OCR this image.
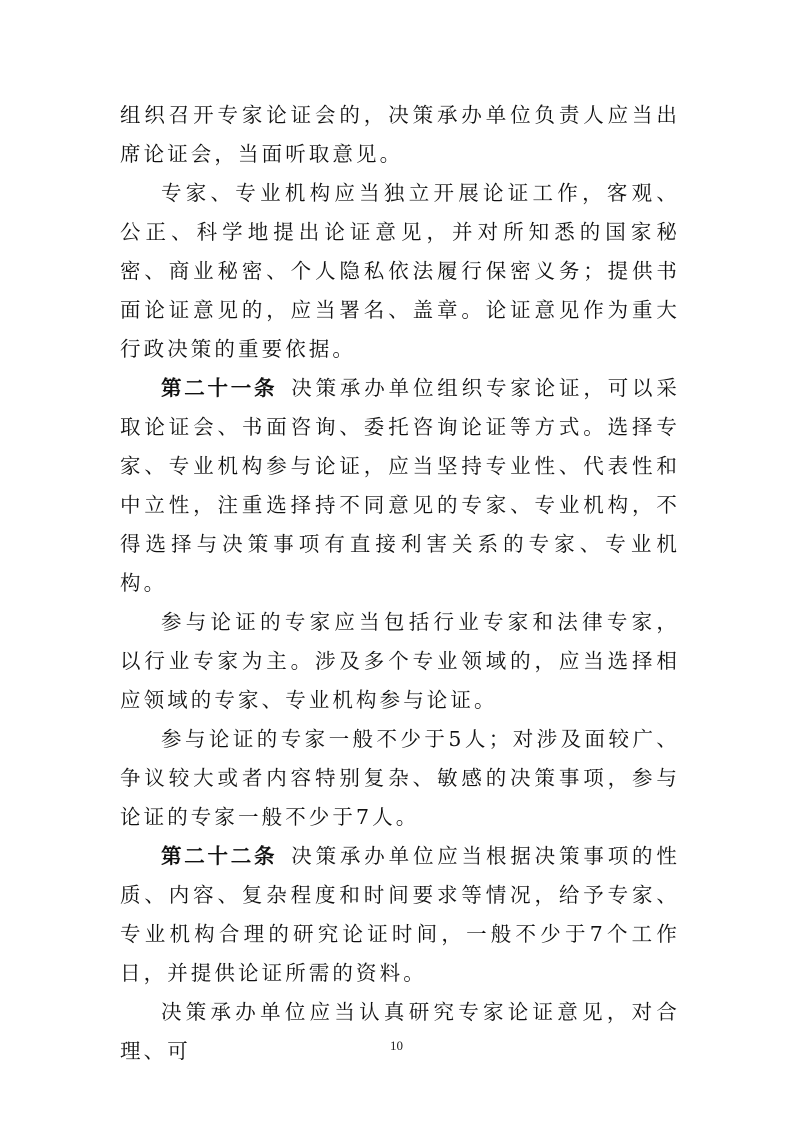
组织召开专家论证会的，决策承办单位负责人应当出席论证会，当面听取意见。

专家、专业机构应当独立开展论证工作，客观、公正、科学地提出论证意见，并对所知悉的国家秘密、商业秘密、个人隐私依法履行保密义务；提供书面论证意见的，应当署名、盖章。论证意见作为重大行政决策的重要依据。

第二十一条 决策承办单位组织专家论证，可以采取论证会、书面咨询、委托咨询论证等方式。选择专家、专业机构参与论证，应当坚持专业性、代表性和中立性，注重选择持不同意见的专家、专业机构，不得选择与决策事项有直接利害关系的专家、专业机构。

参与论证的专家应当包括行业专家和法律专家，以行业专家为主。涉及多个专业领域的，应当选择相应领域的专家、专业机构参与论证。

参与论证的专家一般不少于5人；对涉及面较广、争议较大或者内容特别复杂、敏感的决策事项，参与论证的专家一般不少于7人。

第二十二条 决策承办单位应当根据决策事项的性质、内容、复杂程度和时间要求等情况，给予专家、专业机构合理的研究论证时间，一般不少于7个工作日，并提供论证所需的资料。

决策承办单位应当认真研究专家论证意见，对合理、可	10
